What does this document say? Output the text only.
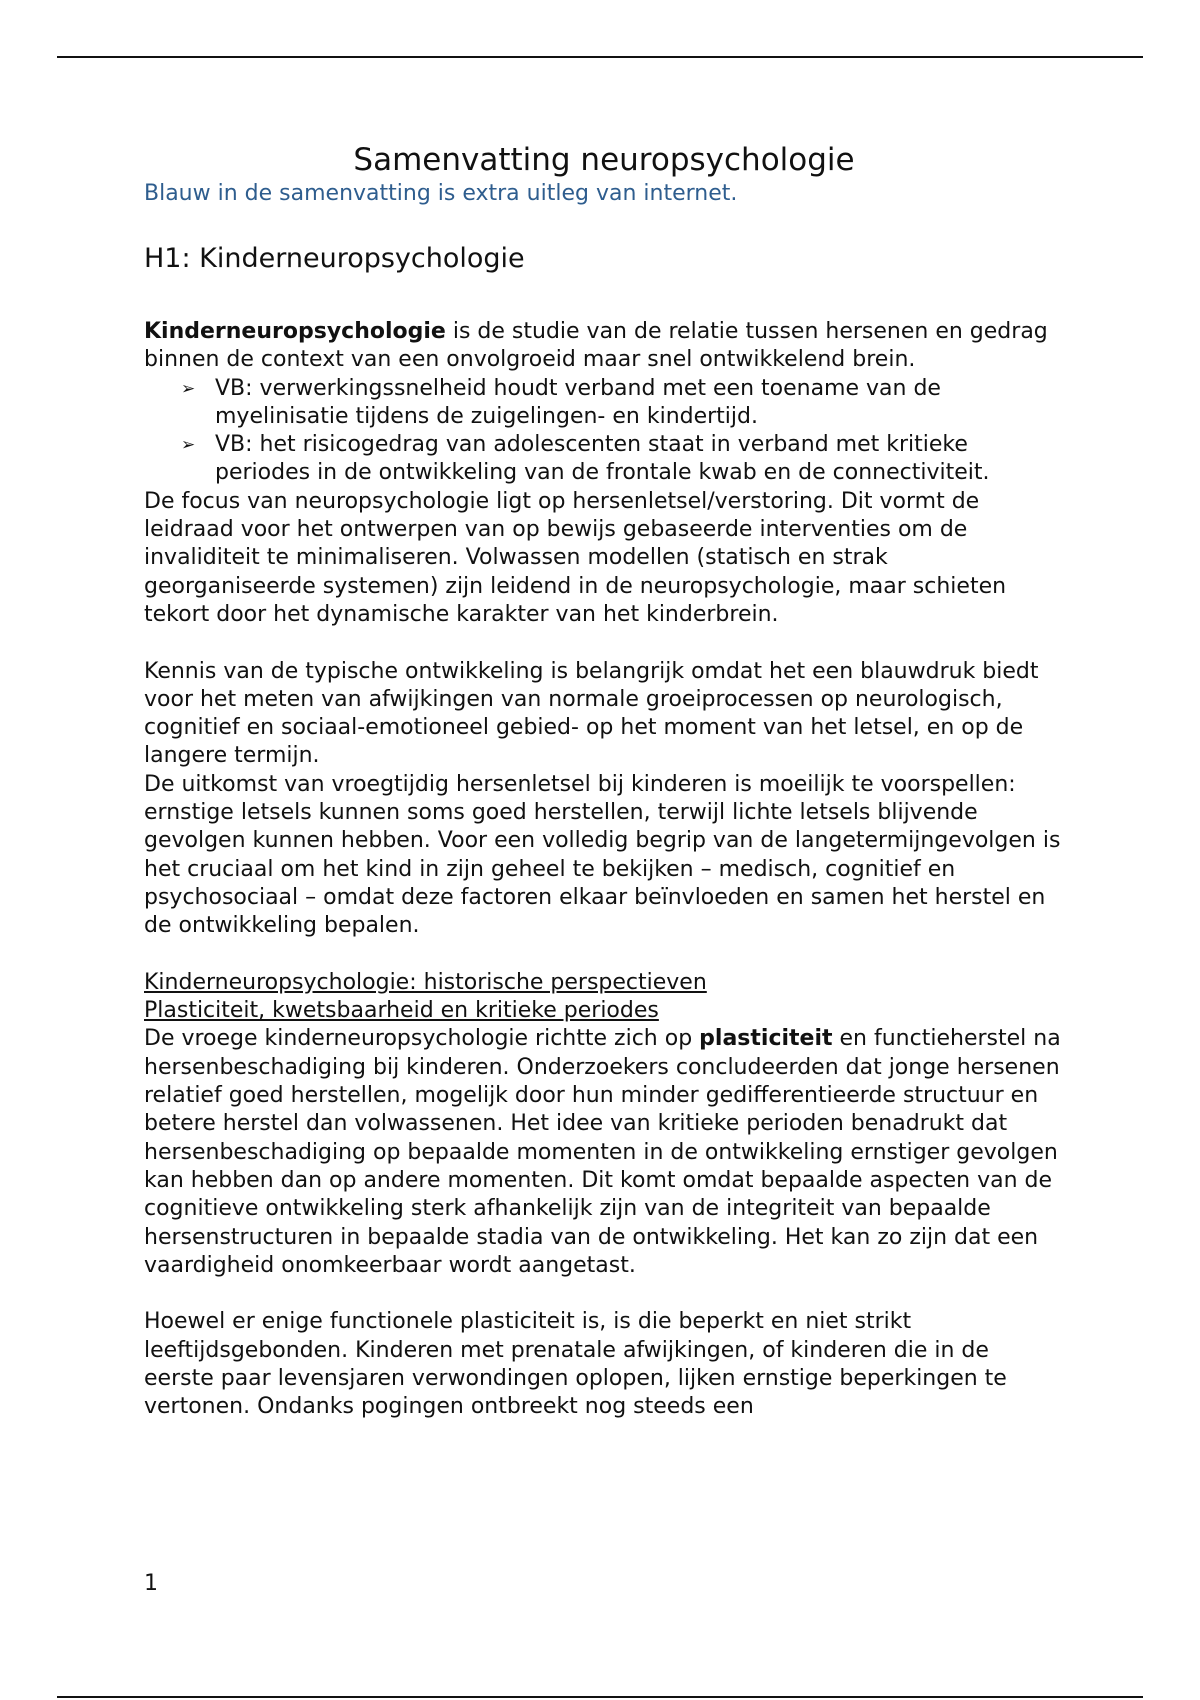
Samenvatting neuropsychologie

Blauw in de samenvatting is extra uitleg van internet.

H1: Kinderneuropsychologie

Kinderneuropsychologie is de studie van de relatie tussen hersenen en gedrag binnen de context van een onvolgroeid maar snel ontwikkelend brein.

➢ VB: verwerkingssnelheid houdt verband met een toename van de myelinisatie tijdens de zuigelingen- en kindertijd.
➢ VB: het risicogedrag van adolescenten staat in verband met kritieke periodes in de ontwikkeling van de frontale kwab en de connectiviteit.

De focus van neuropsychologie ligt op hersenletsel/verstoring. Dit vormt de leidraad voor het ontwerpen van op bewijs gebaseerde interventies om de invaliditeit te minimaliseren. Volwassen modellen (statisch en strak georganiseerde systemen) zijn leidend in de neuropsychologie, maar schieten tekort door het dynamische karakter van het kinderbrein.

Kennis van de typische ontwikkeling is belangrijk omdat het een blauwdruk biedt voor het meten van afwijkingen van normale groeiprocessen op neurologisch, cognitief en sociaal-emotioneel gebied- op het moment van het letsel, en op de langere termijn.

De uitkomst van vroegtijdig hersenletsel bij kinderen is moeilijk te voorspellen: ernstige letsels kunnen soms goed herstellen, terwijl lichte letsels blijvende gevolgen kunnen hebben. Voor een volledig begrip van de langetermijngevolgen is het cruciaal om het kind in zijn geheel te bekijken – medisch, cognitief en psychosociaal – omdat deze factoren elkaar beïnvloeden en samen het herstel en de ontwikkeling bepalen.

Kinderneuropsychologie: historische perspectieven

Plasticiteit, kwetsbaarheid en kritieke periodes

De vroege kinderneuropsychologie richtte zich op plasticiteit en functieherstel na hersenbeschadiging bij kinderen. Onderzoekers concludeerden dat jonge hersenen relatief goed herstellen, mogelijk door hun minder gedifferentieerde structuur en betere herstel dan volwassenen. Het idee van kritieke perioden benadrukt dat hersenbeschadiging op bepaalde momenten in de ontwikkeling ernstiger gevolgen kan hebben dan op andere momenten. Dit komt omdat bepaalde aspecten van de cognitieve ontwikkeling sterk afhankelijk zijn van de integriteit van bepaalde hersenstructuren in bepaalde stadia van de ontwikkeling. Het kan zo zijn dat een vaardigheid onomkeerbaar wordt aangetast.

Hoewel er enige functionele plasticiteit is, is die beperkt en niet strikt leeftijdsgebonden. Kinderen met prenatale afwijkingen, of kinderen die in de eerste paar levensjaren verwondingen oplopen, lijken ernstige beperkingen te vertonen. Ondanks pogingen ontbreekt nog steeds een

1
